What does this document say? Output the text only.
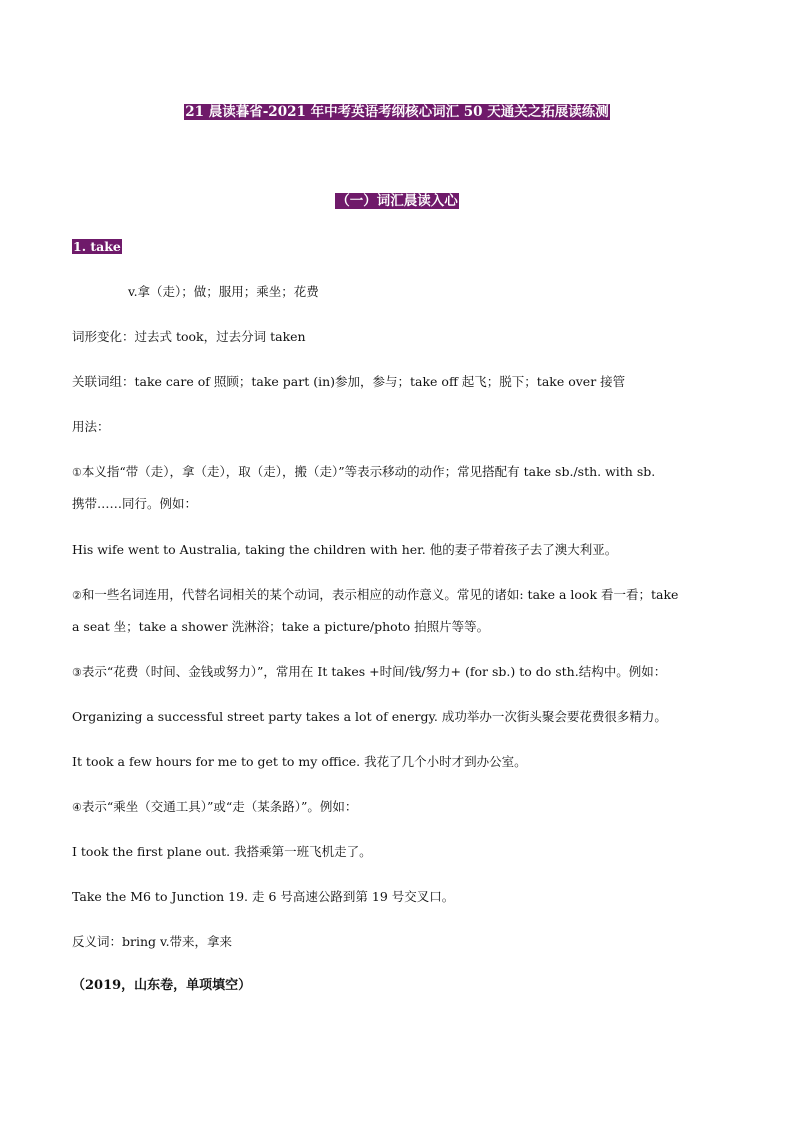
21 晨读暮省-2021 年中考英语考纲核心词汇 50 天通关之拓展读练测
（一）词汇晨读入心
1. take
v.拿（走）；做；服用；乘坐；花费
词形变化：过去式 took，过去分词 taken
关联词组：take care of 照顾；take part (in)参加，参与；take off 起飞；脱下；take over 接管
用法：
①本义指“带（走），拿（走），取（走），搬（走）”等表示移动的动作；常见搭配有 take sb./sth. with sb.
携带……同行。例如：
His wife went to Australia, taking the children with her. 他的妻子带着孩子去了澳大利亚。
②和一些名词连用，代替名词相关的某个动词，表示相应的动作意义。常见的诸如: take a look 看一看；take
a seat 坐；take a shower 洗淋浴；take a picture/photo 拍照片等等。
③表示“花费（时间、金钱或努力）”，常用在 It takes +时间/钱/努力+ (for sb.) to do sth.结构中。例如：
Organizing a successful street party takes a lot of energy. 成功举办一次街头聚会要花费很多精力。
It took a few hours for me to get to my office. 我花了几个小时才到办公室。
④表示“乘坐（交通工具）”或“走（某条路）”。例如：
I took the first plane out. 我搭乘第一班飞机走了。
Take the M6 to Junction 19. 走 6 号高速公路到第 19 号交叉口。
反义词：bring v.带来，拿来
（2019，山东卷，单项填空）
